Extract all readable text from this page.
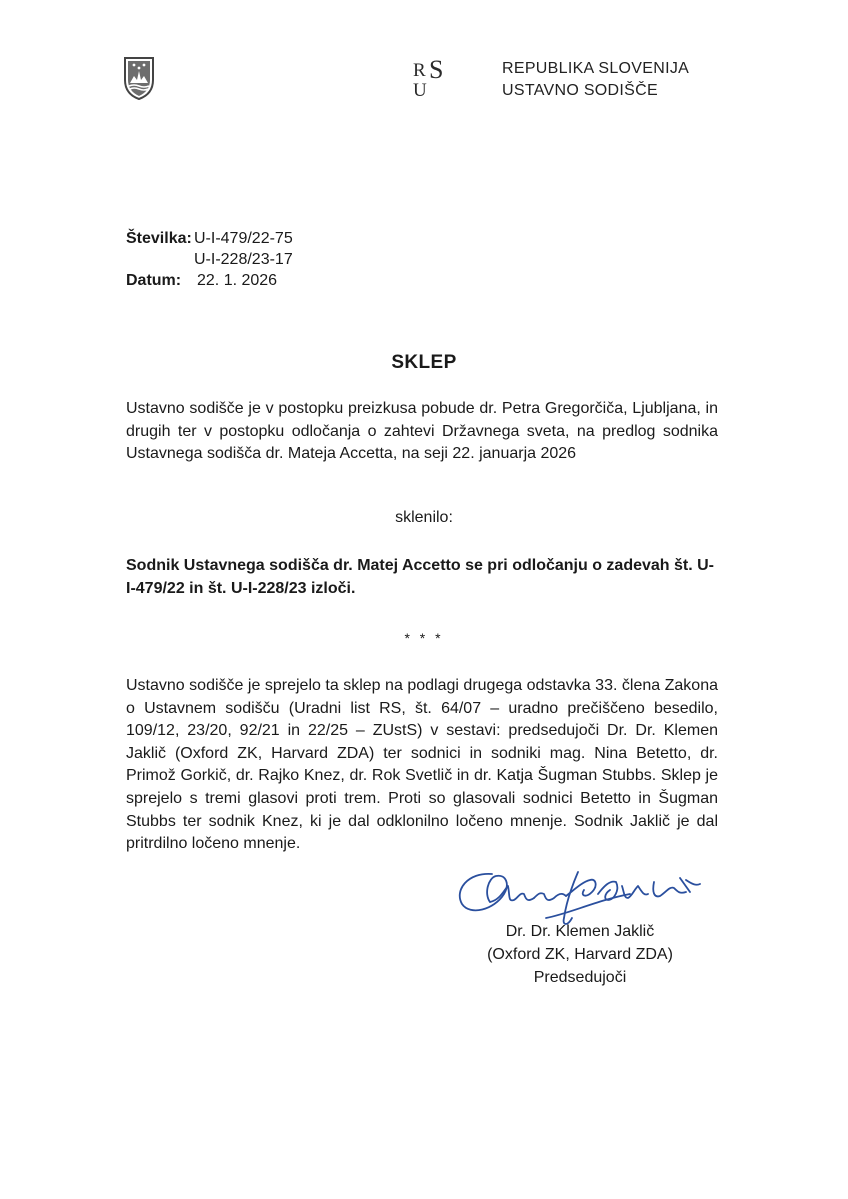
R S
U
REPUBLIKA SLOVENIJA
USTAVNO SODIŠČE
Številka: U-I-479/22-75
U-I-228/23-17
Datum: 22. 1. 2026
SKLEP

Ustavno sodišče je v postopku preizkusa pobude dr. Petra Gregorčiča, Ljubljana, in drugih ter v postopku odločanja o zahtevi Državnega sveta, na predlog sodnika Ustavnega sodišča dr. Mateja Accetta, na seji 22. januarja 2026

sklenilo:

Sodnik Ustavnega sodišča dr. Matej Accetto se pri odločanju o zadevah št. U-I-479/22 in št. U-I-228/23 izloči.

* * *

Ustavno sodišče je sprejelo ta sklep na podlagi drugega odstavka 33. člena Zakona o Ustavnem sodišču (Uradni list RS, št. 64/07 – uradno prečiščeno besedilo, 109/12, 23/20, 92/21 in 22/25 – ZUstS) v sestavi: predsedujoči Dr. Dr. Klemen Jaklič (Oxford ZK, Harvard ZDA) ter sodnici in sodniki mag. Nina Betetto, dr. Primož Gorkič, dr. Rajko Knez, dr. Rok Svetlič in dr. Katja Šugman Stubbs. Sklep je sprejelo s tremi glasovi proti trem. Proti so glasovali sodnici Betetto in Šugman Stubbs ter sodnik Knez, ki je dal odklonilno ločeno mnenje. Sodnik Jaklič je dal pritrdilno ločeno mnenje.

Dr. Dr. Klemen Jaklič
(Oxford ZK, Harvard ZDA)
Predsedujoči
